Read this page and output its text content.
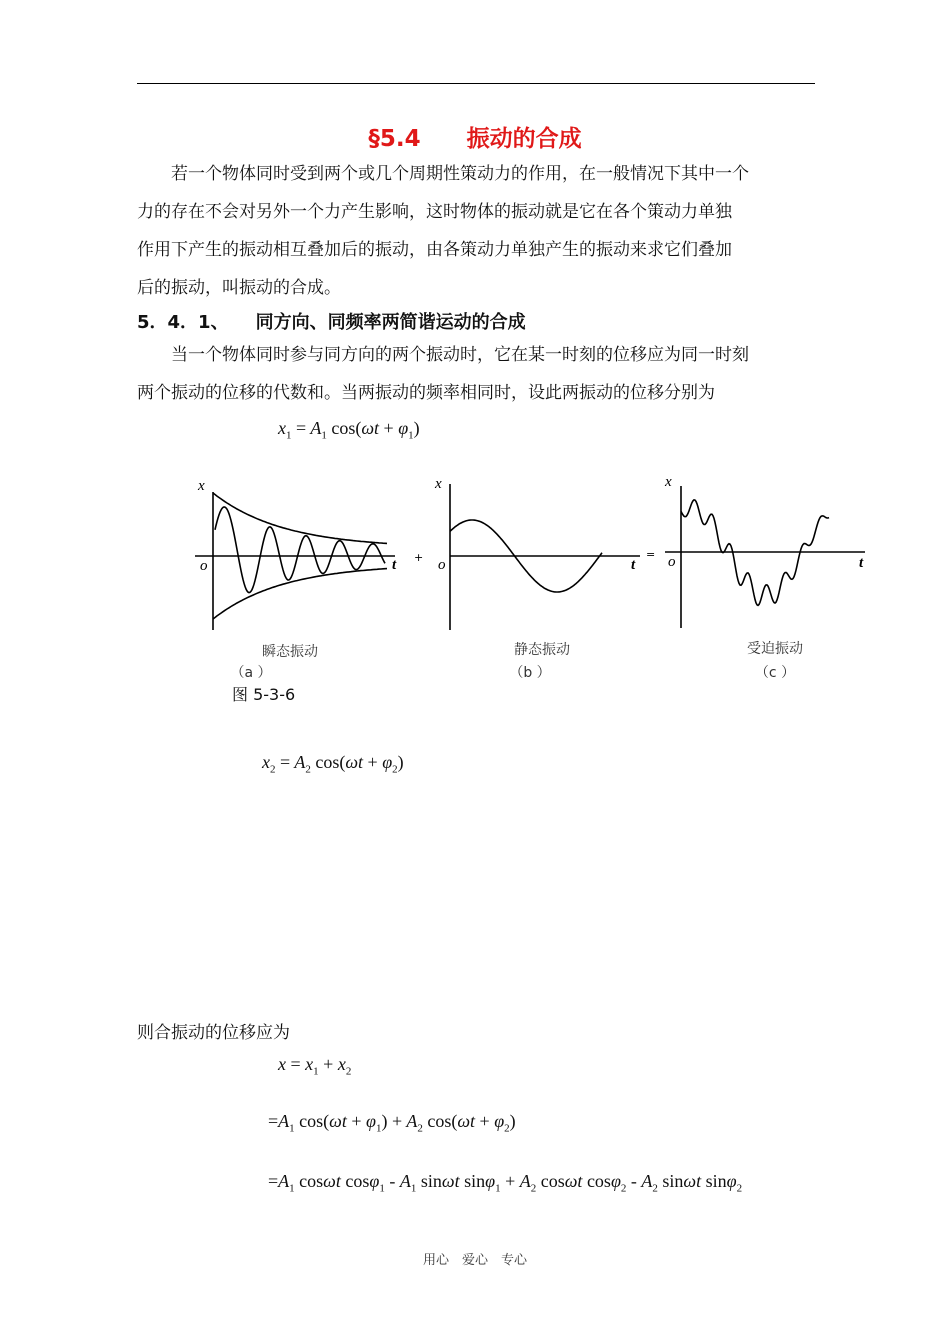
§5.4　　振动的合成
若一个物体同时受到两个或几个周期性策动力的作用，在一般情况下其中一个
力的存在不会对另外一个力产生影响，这时物体的振动就是它在各个策动力单独
作用下产生的振动相互叠加后的振动，由各策动力单独产生的振动来求它们叠加
后的振动，叫振动的合成。
5．4．1、　　同方向、同频率两简谐运动的合成
当一个物体同时参与同方向的两个振动时，它在某一时刻的位移应为同一时刻
两个振动的位移的代数和。当两振动的频率相同时，设此两振动的位移分别为
$x_1 = A_1$ $\cos(\omega t + \varphi_1)$
x
o	t
x
o	t
x
o	t
+	=
瞬态振动
（a ）
静态振动
（b ）
受迫振动
（c ）
图 5-3-6
$x_2 = A_2$ $\cos(\omega t + \varphi_2)$
则合振动的位移应为
$x = x_1 + x_2$
$=A_1$ $\cos(\omega t + \varphi_1) + A_2$ $\cos(\omega t + \varphi_2)$
$=A_1$ cosωt $\cos\varphi_1 - A_1$ sinωt $\sin\varphi_1 + A_2$ cosωt $\cos\varphi_2 - A_2$ sinωt sinφ$_2$
用心　爱心　专心
